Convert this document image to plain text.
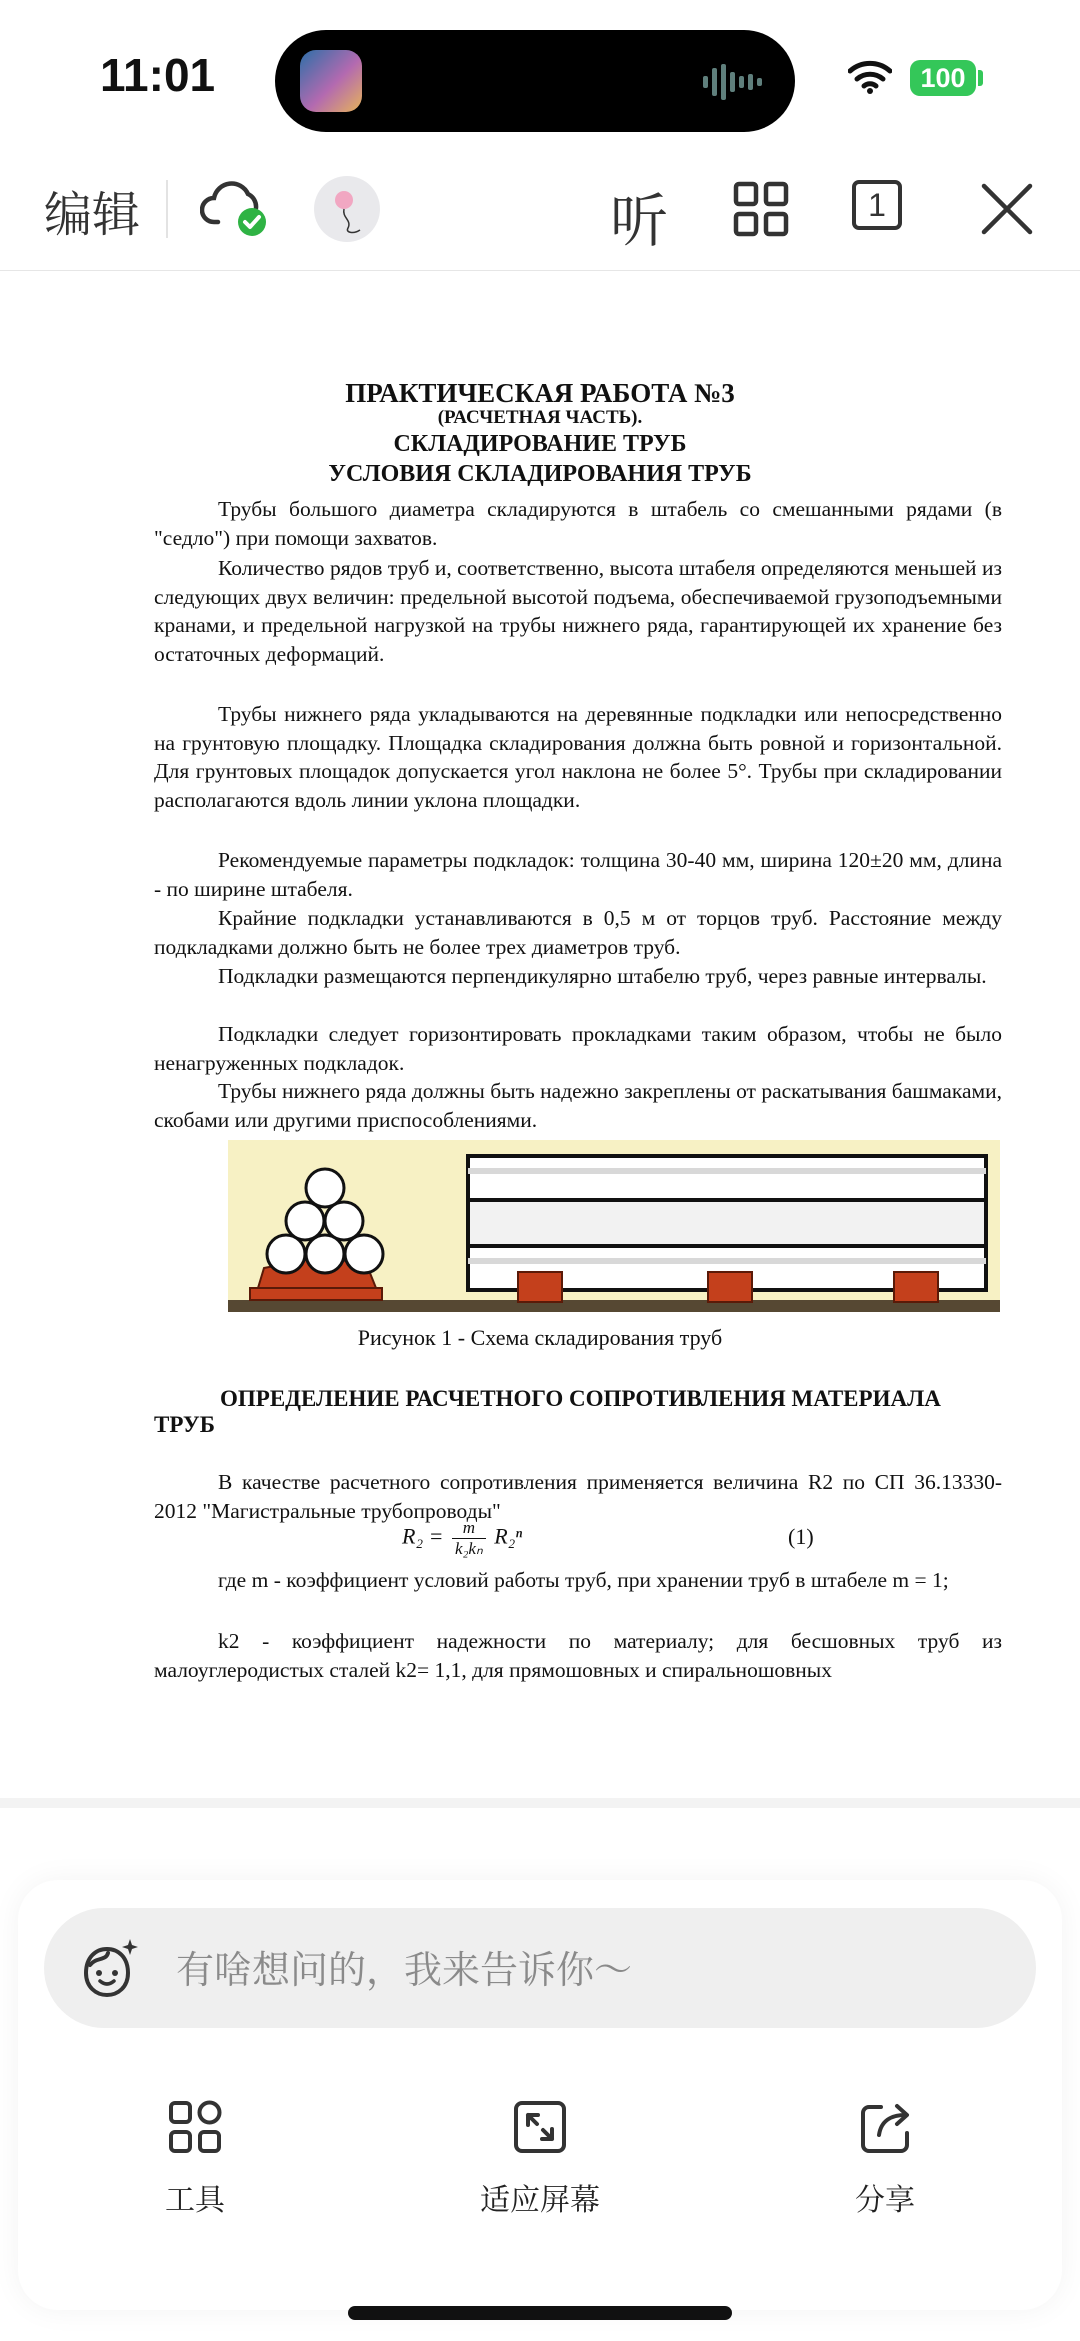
11:01	100
编辑	听	1
ПРАКТИЧЕСКАЯ РАБОТА №3
(РАСЧЕТНАЯ ЧАСТЬ).
СКЛАДИРОВАНИЕ ТРУБ
УСЛОВИЯ СКЛАДИРОВАНИЯ ТРУБ
Трубы большого диаметра складируются в штабель со смешанными рядами (в "седло") при помощи захватов.
Количество рядов труб и, соответственно, высота штабеля определяются меньшей из следующих двух величин: предельной высотой подъема, обеспечиваемой грузоподъемными кранами, и предельной нагрузкой на трубы нижнего ряда, гарантирующей их хранение без остаточных деформаций.
Трубы нижнего ряда укладываются на деревянные подкладки или непосредственно на грунтовую площадку. Площадка складирования должна быть ровной и горизонтальной. Для грунтовых площадок допускается угол наклона не более 5°. Трубы при складировании располагаются вдоль линии уклона площадки.
Рекомендуемые параметры подкладок: толщина 30-40 мм, ширина 120±20 мм, длина - по ширине штабеля.
Крайние подкладки устанавливаются в 0,5 м от торцов труб. Расстояние между подкладками должно быть не более трех диаметров труб.
Подкладки размещаются перпендикулярно штабелю труб, через равные интервалы.
Подкладки следует горизонтировать прокладками таким образом, чтобы не было ненагруженных подкладок.
Трубы нижнего ряда должны быть надежно закреплены от раскатывания башмаками, скобами или другими приспособлениями.
Рисунок 1 - Схема складирования труб
ОПРЕДЕЛЕНИЕ РАСЧЕТНОГО СОПРОТИВЛЕНИЯ МАТЕРИАЛА ТРУБ
В качестве расчетного сопротивления применяется величина R2 по СП 36.13330-2012 "Магистральные трубопроводы"
$R_2 = \frac{m}{\text{k₂kₙ}} R_2^n$	(1)
где m - коэффициент условий работы труб, при хранении труб в штабеле m = 1;
k2 - коэффициент надежности по материалу; для бесшовных труб из малоуглеродистых сталей k2= 1,1, для прямошовных и спиральношовных
有啥想问的，我来告诉你～
工具	适应屏幕	分享
